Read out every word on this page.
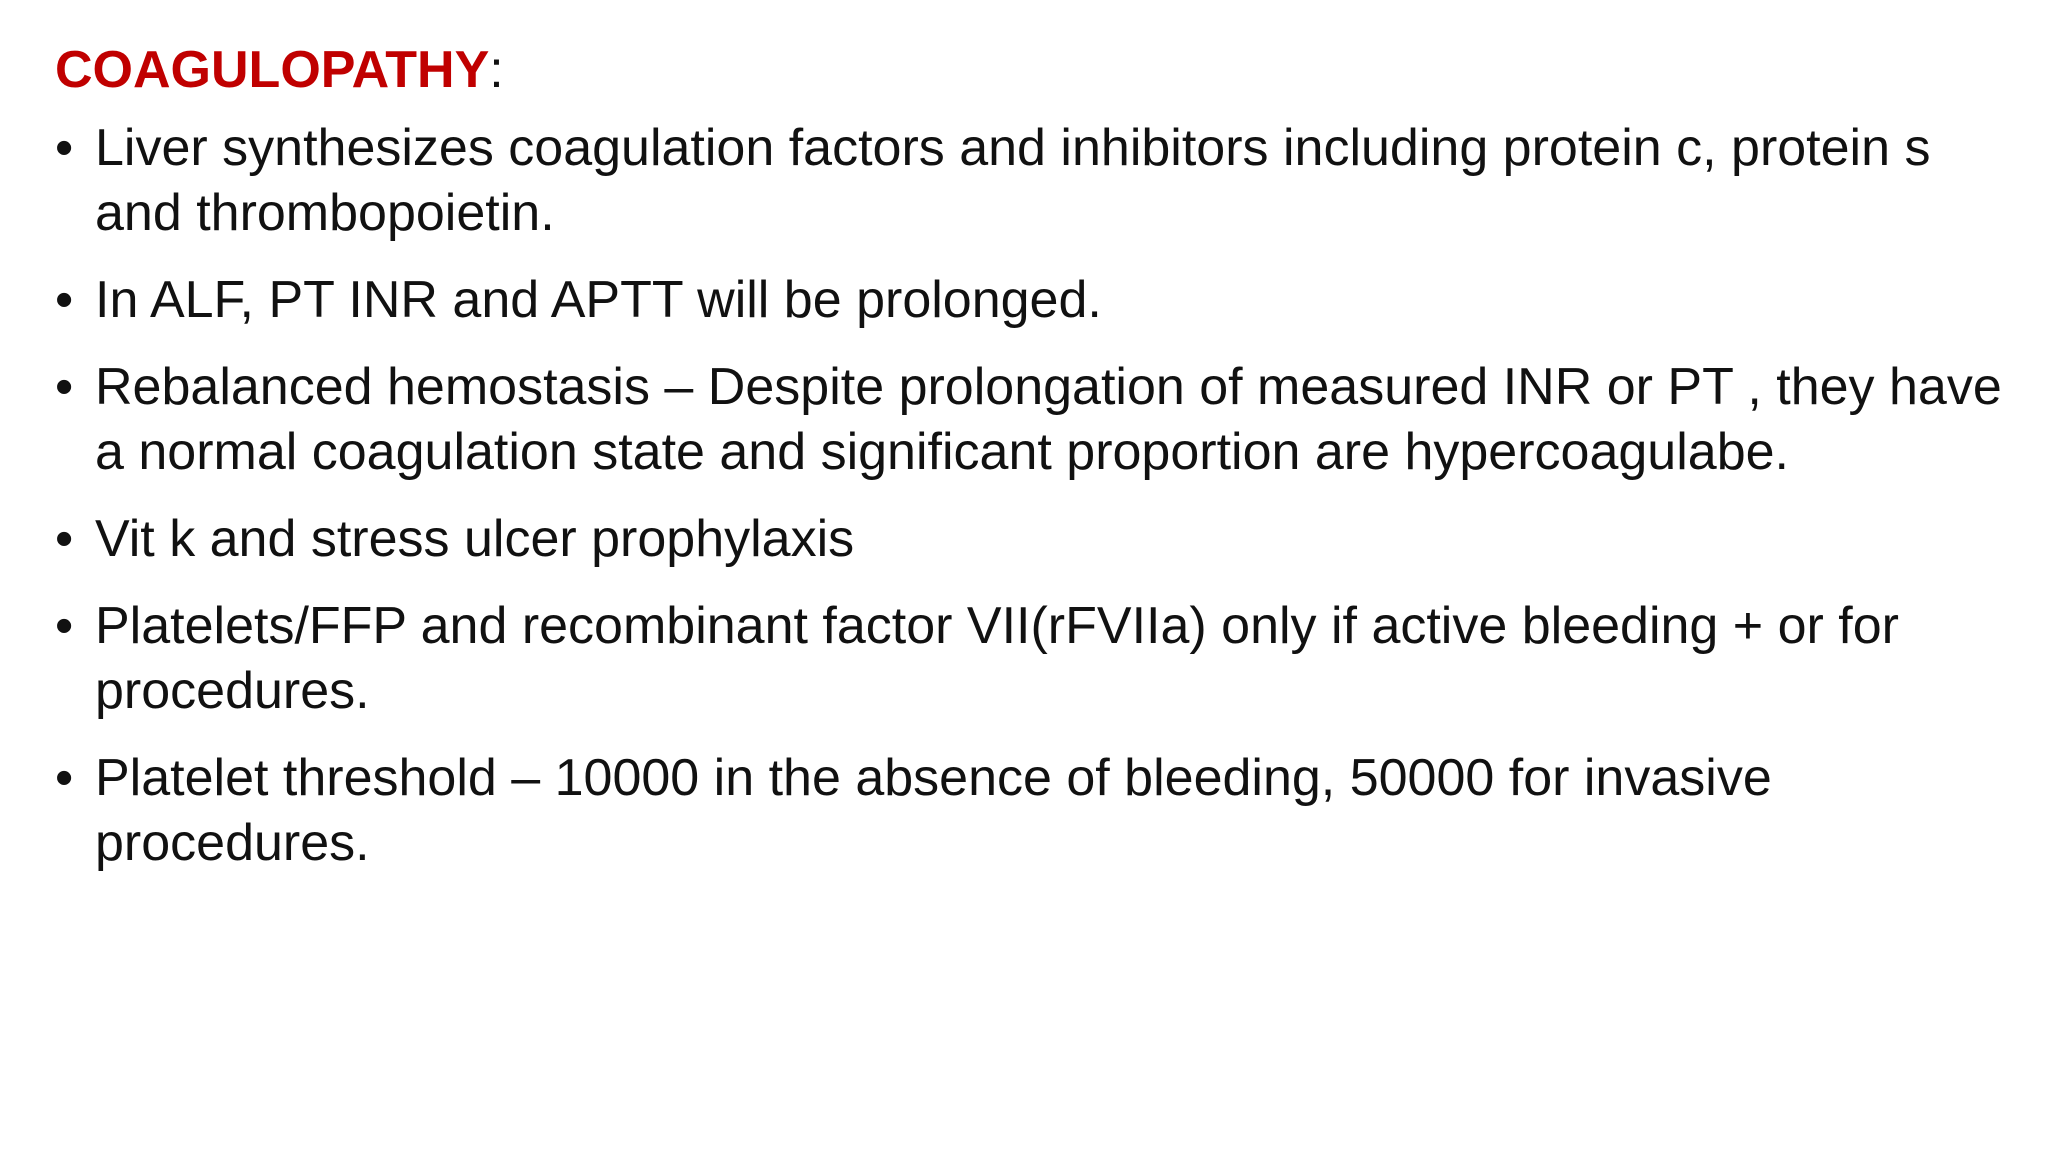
COAGULOPATHY:
• Liver synthesizes coagulation factors and inhibitors including protein c, protein s and thrombopoietin.
• In ALF, PT INR and APTT will be prolonged.
• Rebalanced hemostasis – Despite prolongation of measured INR or PT , they have a normal coagulation state and significant proportion are hypercoagulabe.
• Vit k and stress ulcer prophylaxis
• Platelets/FFP and recombinant factor VII(rFVIIa) only if active bleeding + or for procedures.
• Platelet threshold – 10000 in the absence of bleeding, 50000 for invasive procedures.
